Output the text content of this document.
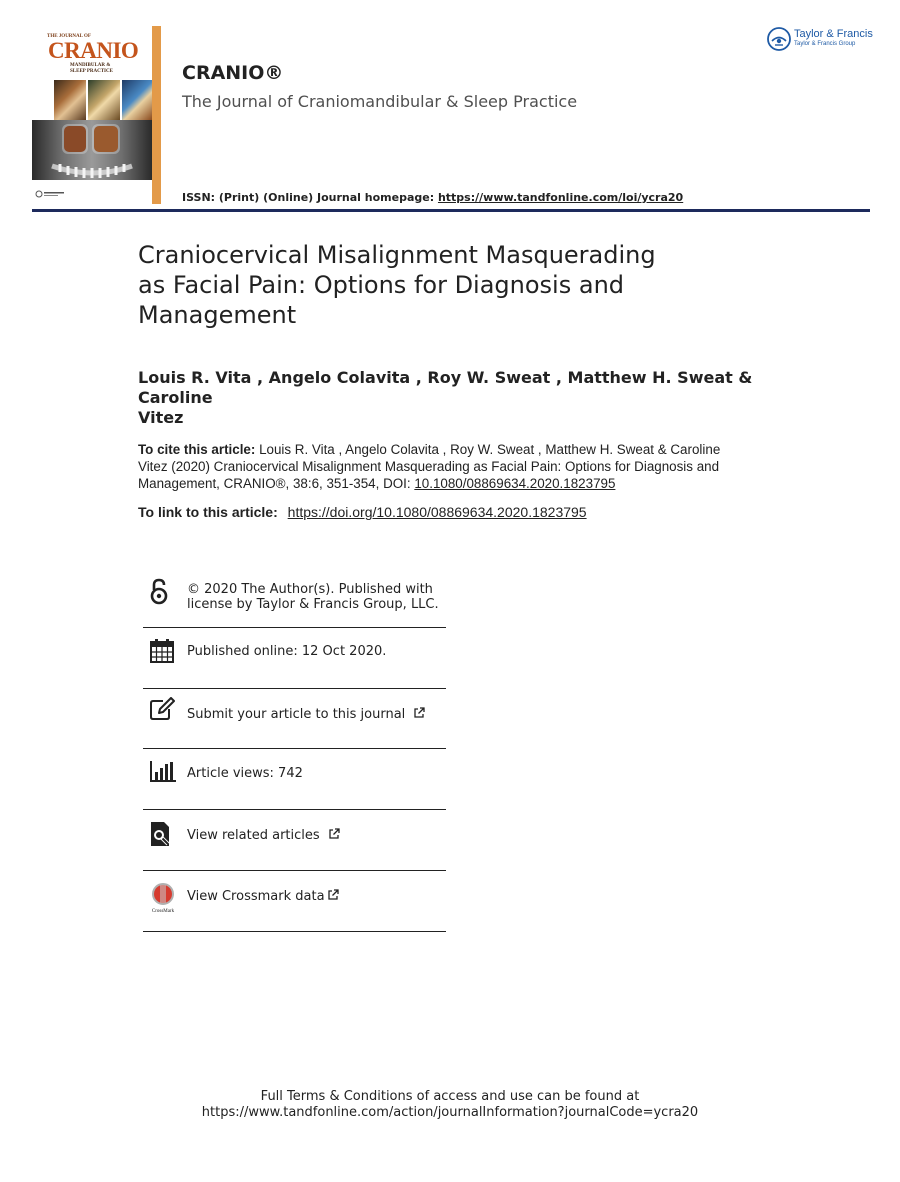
THE JOURNAL OF
CRANIO
MANDIBULAR &
SLEEP PRACTICE	CRANIO®
The Journal of Craniomandibular & Sleep Practice
ISSN: (Print) (Online) Journal homepage: https://www.tandfonline.com/loi/ycra20
Taylor & Francis
Taylor & Francis Group
Craniocervical Misalignment Masquerading
as Facial Pain: Options for Diagnosis and
Management
Louis R. Vita , Angelo Colavita , Roy W. Sweat , Matthew H. Sweat & Caroline
Vitez
To cite this article: Louis R. Vita , Angelo Colavita , Roy W. Sweat , Matthew H. Sweat & Caroline
Vitez (2020) Craniocervical Misalignment Masquerading as Facial Pain: Options for Diagnosis and
Management, CRANIO®, 38:6, 351-354, DOI: 10.1080/08869634.2020.1823795
To link to this article: https://doi.org/10.1080/08869634.2020.1823795
© 2020 The Author(s). Published with
license by Taylor & Francis Group, LLC.
Published online: 12 Oct 2020.
Submit your article to this journal
Article views: 742
View related articles
CrossMark
View Crossmark data
Full Terms & Conditions of access and use can be found at
https://www.tandfonline.com/action/journalInformation?journalCode=ycra20
